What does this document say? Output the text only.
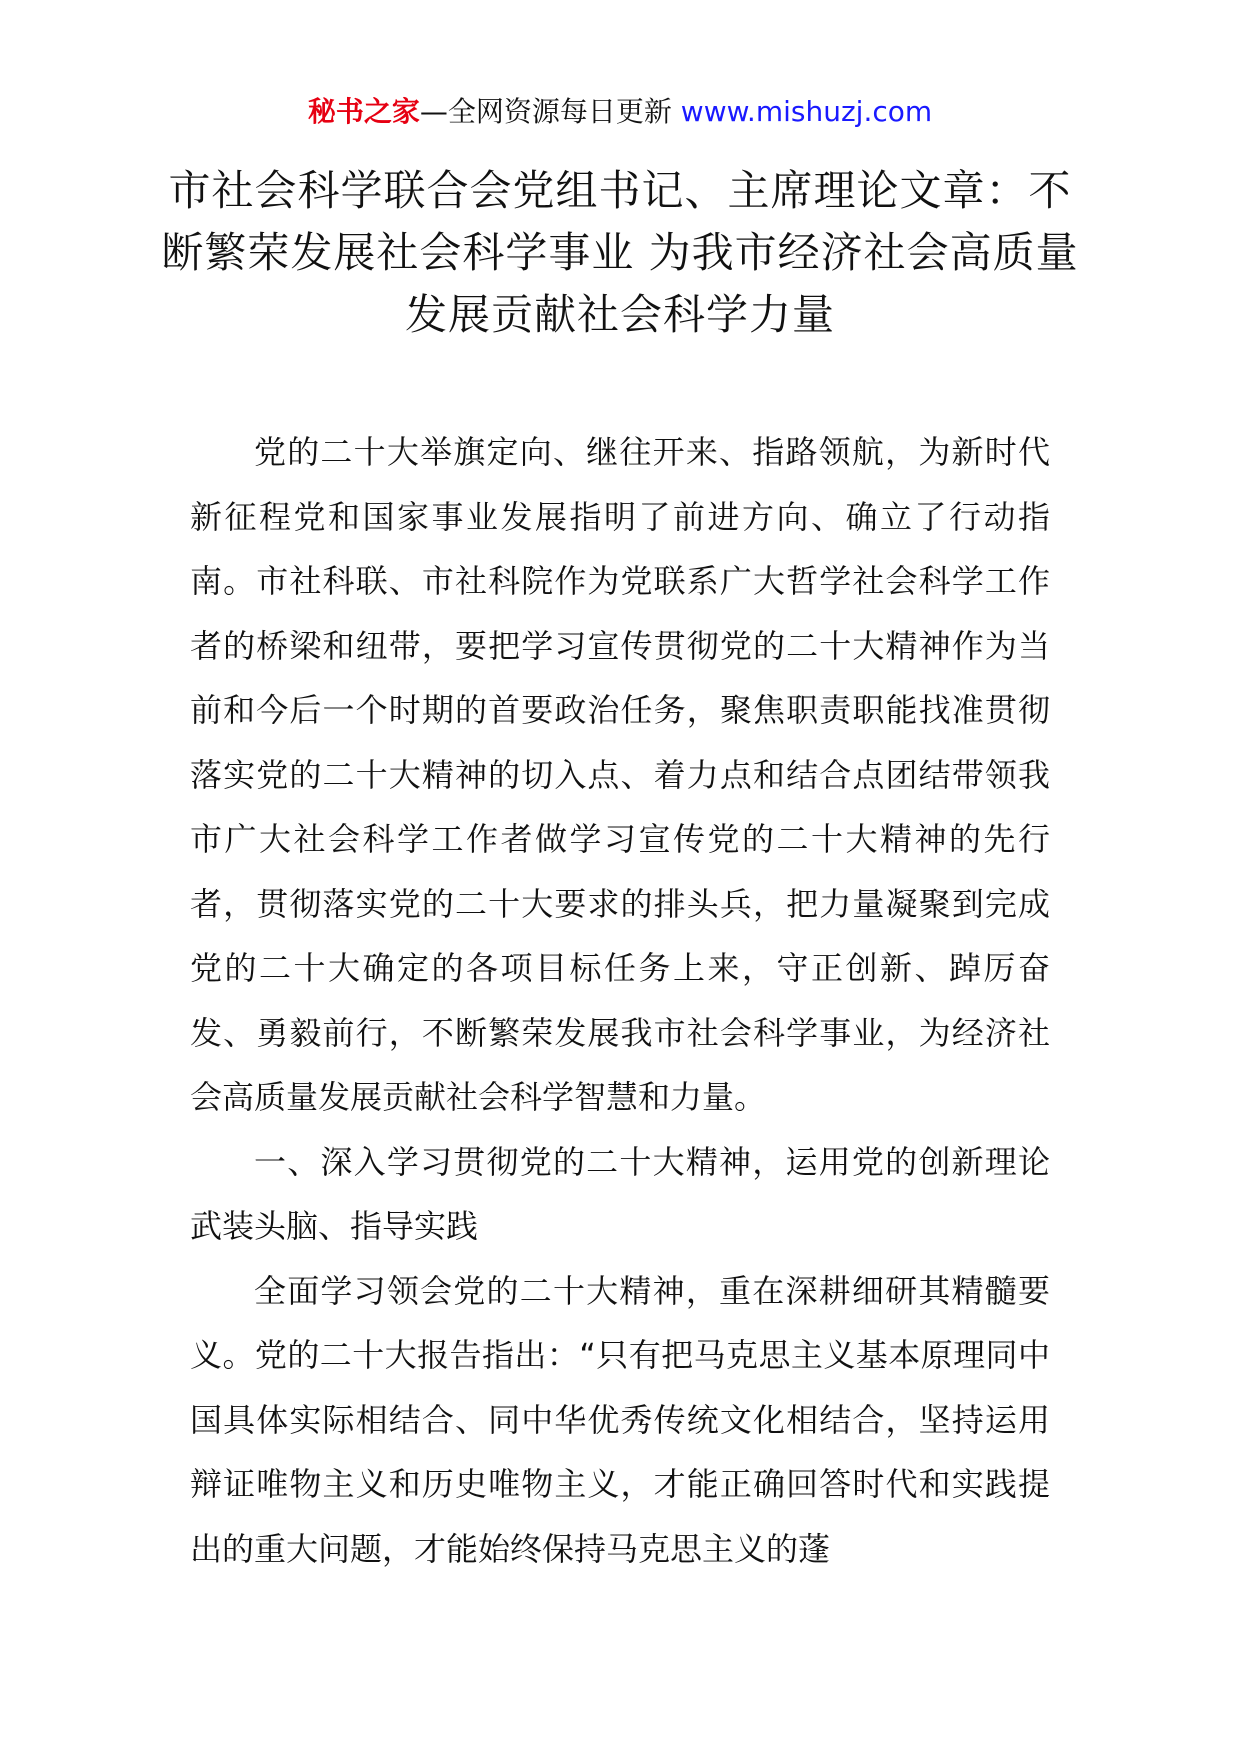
秘书之家—全网资源每日更新 www.mishuzj.com
市社会科学联合会党组书记、主席理论文章：不断繁荣发展社会科学事业 为我市经济社会高质量发展贡献社会科学力量

党的二十大举旗定向、继往开来、指路领航，为新时代新征程党和国家事业发展指明了前进方向、确立了行动指南。市社科联、市社科院作为党联系广大哲学社会科学工作者的桥梁和纽带，要把学习宣传贯彻党的二十大精神作为当前和今后一个时期的首要政治任务，聚焦职责职能找准贯彻落实党的二十大精神的切入点、着力点和结合点团结带领我市广大社会科学工作者做学习宣传党的二十大精神的先行者，贯彻落实党的二十大要求的排头兵，把力量凝聚到完成党的二十大确定的各项目标任务上来，守正创新、踔厉奋发、勇毅前行，不断繁荣发展我市社会科学事业，为经济社会高质量发展贡献社会科学智慧和力量。

一、深入学习贯彻党的二十大精神，运用党的创新理论武装头脑、指导实践

全面学习领会党的二十大精神，重在深耕细研其精髓要义。党的二十大报告指出：“只有把马克思主义基本原理同中国具体实际相结合、同中华优秀传统文化相结合，坚持运用辩证唯物主义和历史唯物主义，才能正确回答时代和实践提出的重大问题，才能始终保持马克思主义的蓬
